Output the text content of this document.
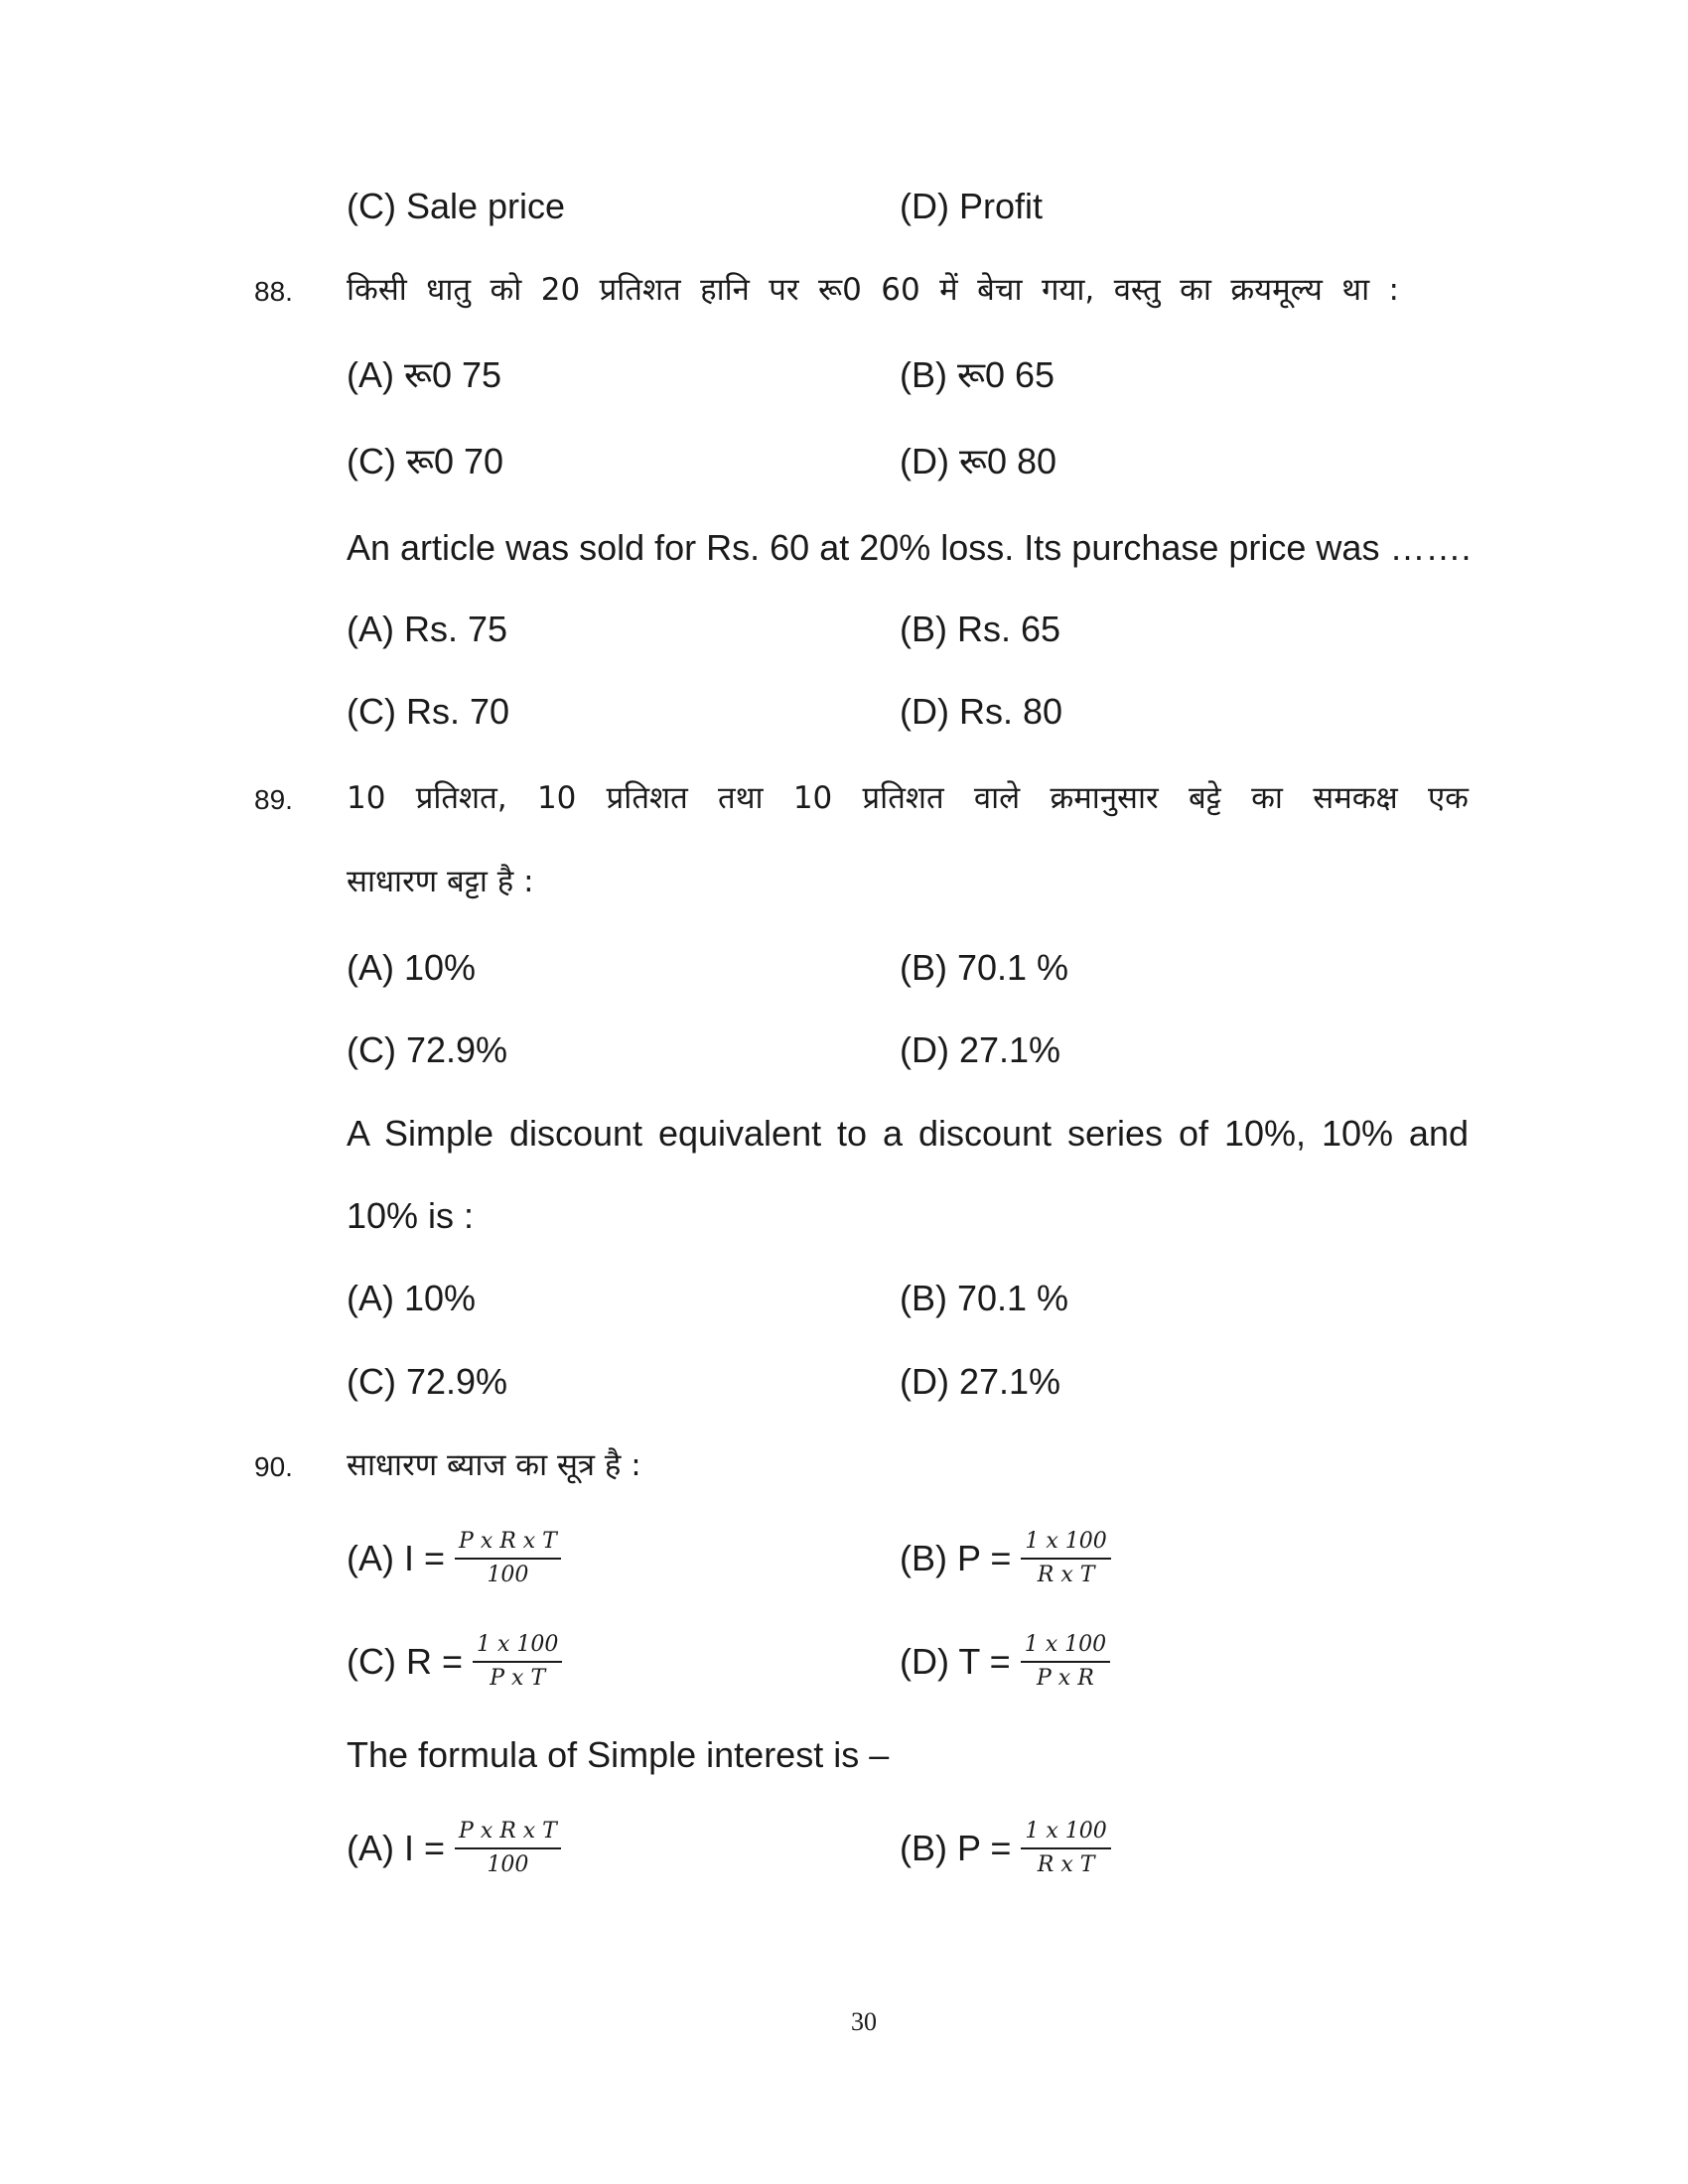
(C) Sale price	(D) Profit
88. किसी धातु को 20 प्रतिशत हानि पर रू0 60 में बेचा गया, वस्तु का क्रयमूल्य था :
(A) रू0 75	(B) रू0 65
(C) रू0 70	(D) रू0 80
An article was sold for Rs. 60 at 20% loss. Its purchase price was …….
(A) Rs. 75	(B) Rs. 65
(C) Rs. 70	(D) Rs. 80
89. 10 प्रतिशत, 10 प्रतिशत तथा 10 प्रतिशत वाले क्रमानुसार बट्टे का समकक्ष एक
साधारण बट्टा है :
(A) 10%	(B) 70.1 %
(C) 72.9%	(D) 27.1%
A Simple discount equivalent to a discount series of 10%, 10% and
10% is :
(A) 10%	(B) 70.1 %
(C) 72.9%	(D) 27.1%
90. साधारण ब्याज का सूत्र है :
(A) $I = \frac{\text{P x R x T}}{100}$	(B) $P = \frac{1 x 100}{\text{R x T}}$
(C) $R = \frac{1 x 100}{\text{P x T}}$	(D) $T = \frac{1 x 100}{\text{P x R}}$
The formula of Simple interest is –
(A) $I = \frac{\text{P x R x T}}{100}$	(B) $P = \frac{1 x 100}{\text{R x T}}$
30
